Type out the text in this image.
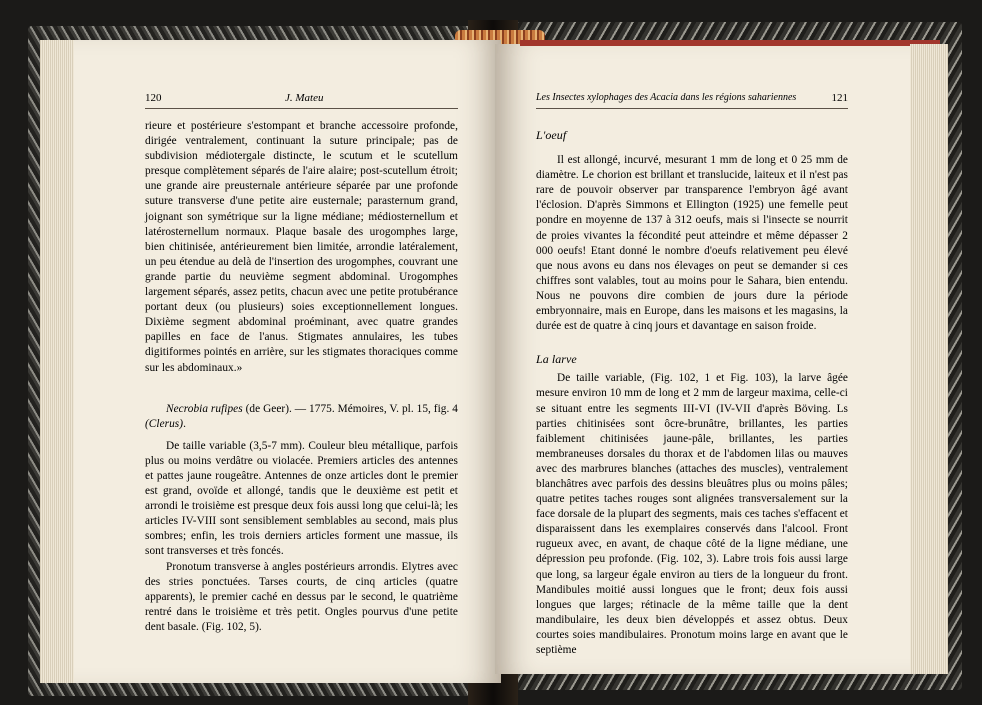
120	J. Mateu

rieure et postérieure s'estompant et branche accessoire profonde, dirigée ventralement, continuant la suture principale; pas de subdivision médiotergale distincte, le scutum et le scutellum presque complètement séparés de l'aire alaire; post-scutellum étroit; une grande aire preusternale antérieure séparée par une profonde suture transverse d'une petite aire eusternale; parasternum grand, joignant son symétrique sur la ligne médiane; médiosternellum et latérosternellum normaux. Plaque basale des urogomphes large, bien chitinisée, antérieurement bien limitée, arrondie latéralement, un peu étendue au delà de l'insertion des urogomphes, couvrant une grande partie du neuvième segment abdominal. Urogomphes largement séparés, assez petits, chacun avec une petite protubérance portant deux (ou plusieurs) soies exceptionnellement longues. Dixième segment abdominal proéminant, avec quatre grandes papilles en face de l'anus. Stigmates annulaires, les tubes digitiformes pointés en arrière, sur les stigmates thoraciques comme sur les abdominaux.»

Necrobia rufipes (de Geer). — 1775. Mémoires, V. pl. 15, fig. 4 (Clerus).

De taille variable (3,5-7 mm). Couleur bleu métallique, parfois plus ou moins verdâtre ou violacée. Premiers articles des antennes et pattes jaune rougeâtre. Antennes de onze articles dont le premier est grand, ovoïde et allongé, tandis que le deuxième est petit et arrondi le troisième est presque deux fois aussi long que celui-là; les articles IV-VIII sont sensiblement semblables au second, mais plus sombres; enfin, les trois derniers articles forment une massue, ils sont transverses et très foncés.

Pronotum transverse à angles postérieurs arrondis. Elytres avec des stries ponctuées. Tarses courts, de cinq articles (quatre apparents), le premier caché en dessus par le second, le quatrième rentré dans le troisième et très petit. Ongles pourvus d'une petite dent basale. (Fig. 102, 5).

Les Insectes xylophages des Acacia dans les régions sahariennes	121

L'oeuf

Il est allongé, incurvé, mesurant 1 mm de long et 0 25 mm de diamètre. Le chorion est brillant et translucide, laiteux et il n'est pas rare de pouvoir observer par transparence l'embryon âgé avant l'éclosion. D'après Simmons et Ellington (1925) une femelle peut pondre en moyenne de 137 à 312 oeufs, mais si l'insecte se nourrit de proies vivantes la fécondité peut atteindre et même dépasser 2 000 oeufs! Etant donné le nombre d'oeufs relativement peu élevé que nous avons eu dans nos élevages on peut se demander si ces chiffres sont valables, tout au moins pour le Sahara, bien entendu. Nous ne pouvons dire combien de jours dure la période embryonnaire, mais en Europe, dans les maisons et les magasins, la durée est de quatre à cinq jours et davantage en saison froide.

La larve

De taille variable, (Fig. 102, 1 et Fig. 103), la larve âgée mesure environ 10 mm de long et 2 mm de largeur maxima, celle-ci se situant entre les segments III-VI (IV-VII d'après Böving. Ls parties chitinisées sont ôcre-brunâtre, brillantes, les parties faiblement chitinisées jaune-pâle, brillantes, les parties membraneuses dorsales du thorax et de l'abdomen lilas ou mauves avec des marbrures blanches (attaches des muscles), ventralement blanchâtres avec parfois des dessins bleuâtres plus ou moins pâles; quatre petites taches rouges sont alignées transversalement sur la face dorsale de la plupart des segments, mais ces taches s'effacent et disparaissent dans les exemplaires conservés dans l'alcool. Front rugueux avec, en avant, de chaque côté de la ligne médiane, une dépression peu profonde. (Fig. 102, 3). Labre trois fois aussi large que long, sa largeur égale environ au tiers de la longueur du front. Mandibules moitié aussi longues que le front; deux fois aussi longues que larges; rétinacle de la même taille que la dent mandibulaire, les deux bien développés et assez obtus. Deux courtes soies mandibulaires. Pronotum moins large en avant que le septième
